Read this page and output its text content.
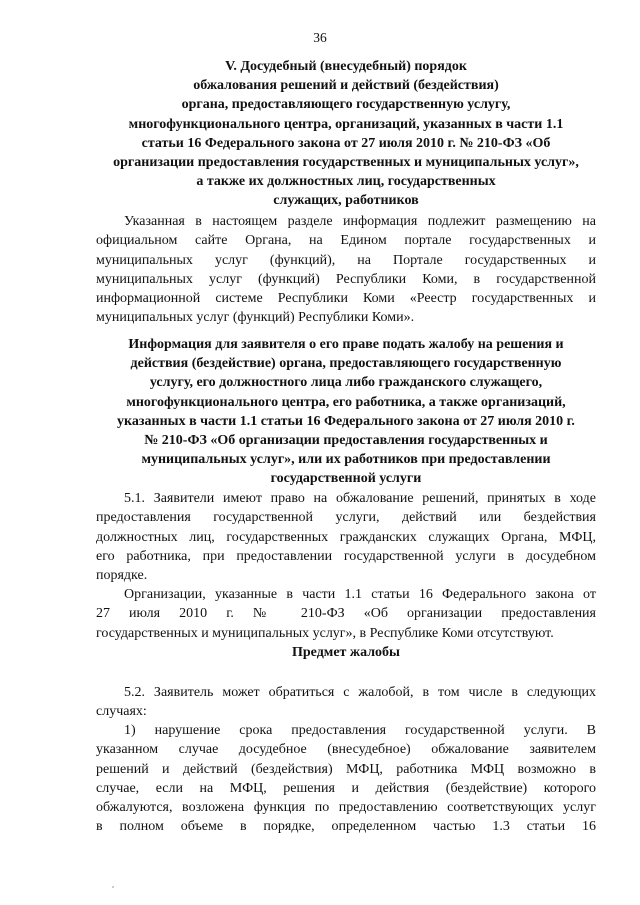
36
V. Досудебный (внесудебный) порядок
обжалования решений и действий (бездействия)
органа, предоставляющего государственную услугу,
многофункционального центра, организаций, указанных в части 1.1
статьи 16 Федерального закона от 27 июля 2010 г. № 210-ФЗ «Об
организации предоставления государственных и муниципальных услуг»,
а также их должностных лиц, государственных
служащих, работников
Указанная в настоящем разделе информация подлежит размещению на
официальном сайте Органа, на Едином портале государственных и
муниципальных услуг (функций), на Портале государственных и
муниципальных услуг (функций) Республики Коми, в государственной
информационной системе Республики Коми «Реестр государственных и
муниципальных услуг (функций) Республики Коми».
Информация для заявителя о его праве подать жалобу на решения и
действия (бездействие) органа, предоставляющего государственную
услугу, его должностного лица либо гражданского служащего,
многофункционального центра, его работника, а также организаций,
указанных в части 1.1 статьи 16 Федерального закона от 27 июля 2010 г.
№ 210-ФЗ «Об организации предоставления государственных и
муниципальных услуг», или их работников при предоставлении
государственной услуги
5.1. Заявители имеют право на обжалование решений, принятых в ходе
предоставления государственной услуги, действий или бездействия
должностных лиц, государственных гражданских служащих Органа, МФЦ,
его работника, при предоставлении государственной услуги в досудебном
порядке.
Организации, указанные в части 1.1 статьи 16 Федерального закона от
27 июля 2010 г. № 210-ФЗ «Об организации предоставления
государственных и муниципальных услуг», в Республике Коми отсутствуют.
Предмет жалобы
5.2. Заявитель может обратиться с жалобой, в том числе в следующих
случаях:
1) нарушение срока предоставления государственной услуги. В
указанном случае досудебное (внесудебное) обжалование заявителем
решений и действий (бездействия) МФЦ, работника МФЦ возможно в
случае, если на МФЦ, решения и действия (бездействие) которого
обжалуются, возложена функция по предоставлению соответствующих услуг
в полном объеме в порядке, определенном частью 1.3 статьи 16
